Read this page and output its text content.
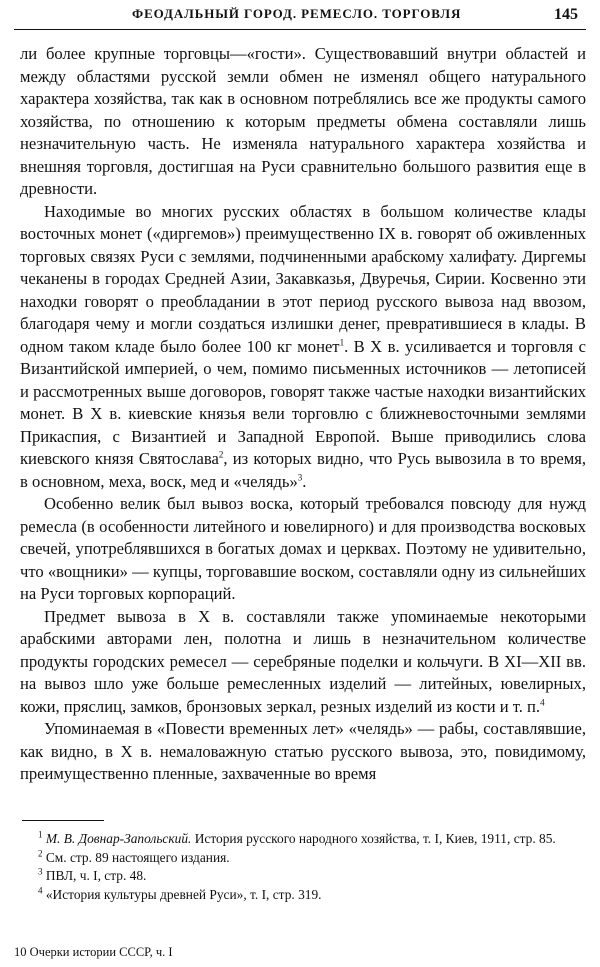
ФЕОДАЛЬНЫЙ ГОРОД. РЕМЕСЛО. ТОРГОВЛЯ	145

ли более крупные торговцы—«гости». Существовавший внутри областей и между областями русской земли обмен не изменял общего натурального характера хозяйства, так как в основном потреблялись все же продукты самого хозяйства, по отношению к которым предметы обмена составляли лишь незначительную часть. Не изменяла натурального характера хозяйства и внешняя торговля, достигшая на Руси сравнительно большого развития еще в древности.

Находимые во многих русских областях в большом количестве клады восточных монет («диргемов») преимущественно IX в. говорят об оживленных торговых связях Руси с землями, подчиненными арабскому халифату. Диргемы чеканены в городах Средней Азии, Закавказья, Двуречья, Сирии. Косвенно эти находки говорят о преобладании в этот период русского вывоза над ввозом, благодаря чему и могли создаться излишки денег, превратившиеся в клады. В одном таком кладе было более 100 кг монет$^1$. В X в. усиливается и торговля с Византийской империей, о чем, помимо письменных источников — летописей и рассмотренных выше договоров, говорят также частые находки византийских монет. В X в. киевские князья вели торговлю с ближневосточными землями Прикаспия, с Византией и Западной Европой. Выше приводились слова киевского князя Святослава$^2$, из которых видно, что Русь вывозила в то время, в основном, меха, воск, мед и «челядь»$^3$.

Особенно велик был вывоз воска, который требовался повсюду для нужд ремесла (в особенности литейного и ювелирного) и для производства восковых свечей, употреблявшихся в богатых домах и церквах. Поэтому не удивительно, что «вощники» — купцы, торговавшие воском, составляли одну из сильнейших на Руси торговых корпораций.

Предмет вывоза в X в. составляли также упоминаемые некоторыми арабскими авторами лен, полотна и лишь в незначительном количестве продукты городских ремесел — серебряные поделки и кольчуги. В XI—XII вв. на вывоз шло уже больше ремесленных изделий — литейных, ювелирных, кожи, пряслиц, замков, бронзовых зеркал, резных изделий из кости и т. п.$^4$

Упоминаемая в «Повести временных лет» «челядь» — рабы, составлявшие, как видно, в X в. немаловажную статью русского вывоза, это, повидимому, преимущественно пленные, захваченные во время

$^1$ М. В. Довнар-Запольский. История русского народного хозяйства, т. I, Киев, 1911, стр. 85.

$^2$ См. стр. 89 настоящего издания.

$^3$ ПВЛ, ч. I, стр. 48.

$^4$ «История культуры древней Руси», т. I, стр. 319.

10 Очерки истории СССР, ч. I
